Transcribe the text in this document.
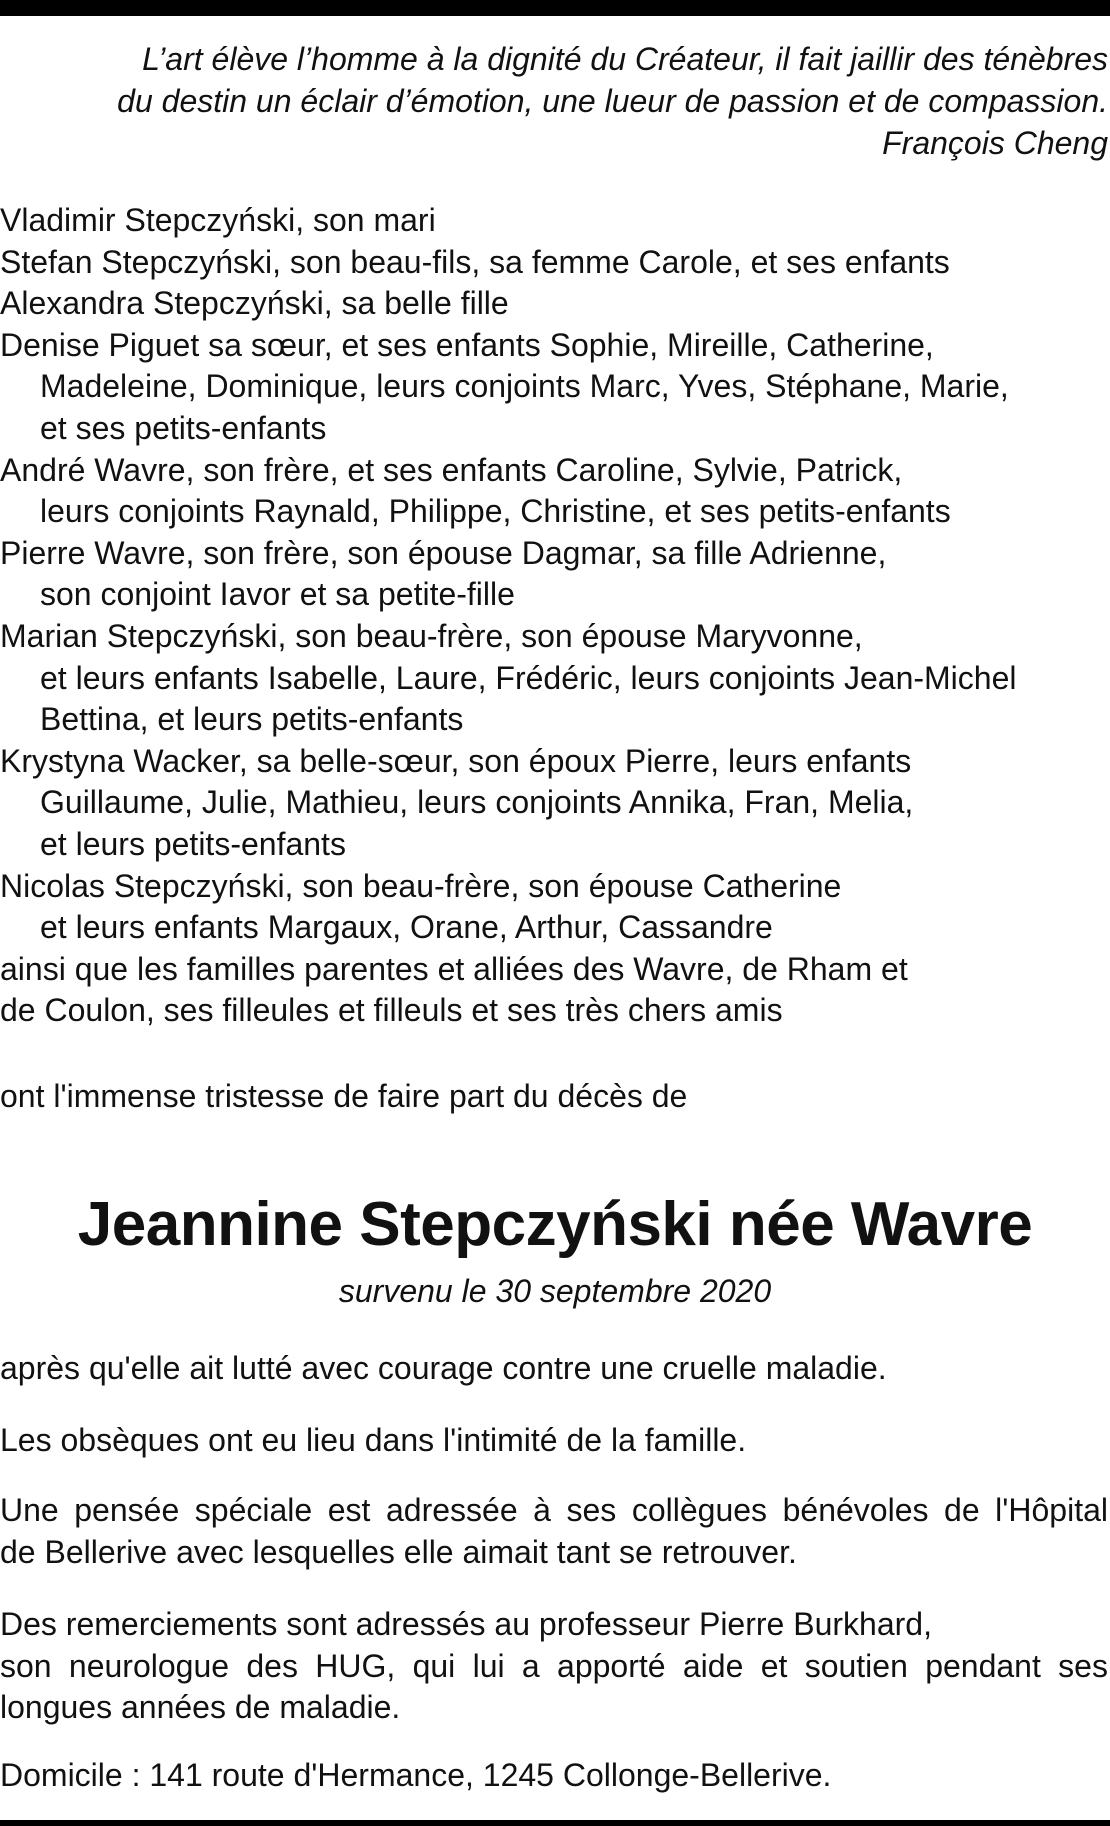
L’art élève l’homme à la dignité du Créateur, il fait jaillir des ténèbres
du destin un éclair d’émotion, une lueur de passion et de compassion.
François Cheng
Vladimir Stepczyński, son mari
Stefan Stepczyński, son beau-fils, sa femme Carole, et ses enfants
Alexandra Stepczyński, sa belle fille
Denise Piguet sa sœur, et ses enfants Sophie, Mireille, Catherine,
Madeleine, Dominique, leurs conjoints Marc, Yves, Stéphane, Marie,
et ses petits-enfants
André Wavre, son frère, et ses enfants Caroline, Sylvie, Patrick,
leurs conjoints Raynald, Philippe, Christine, et ses petits-enfants
Pierre Wavre, son frère, son épouse Dagmar, sa fille Adrienne,
son conjoint Iavor et sa petite-fille
Marian Stepczyński, son beau-frère, son épouse Maryvonne,
et leurs enfants Isabelle, Laure, Frédéric, leurs conjoints Jean-Michel
Bettina, et leurs petits-enfants
Krystyna Wacker, sa belle-sœur, son époux Pierre, leurs enfants
Guillaume, Julie, Mathieu, leurs conjoints Annika, Fran, Melia,
et leurs petits-enfants
Nicolas Stepczyński, son beau-frère, son épouse Catherine
et leurs enfants Margaux, Orane, Arthur, Cassandre
ainsi que les familles parentes et alliées des Wavre, de Rham et
de Coulon, ses filleules et filleuls et ses très chers amis
ont l'immense tristesse de faire part du décès de
Jeannine Stepczyński née Wavre
survenu le 30 septembre 2020
après qu'elle ait lutté avec courage contre une cruelle maladie.
Les obsèques ont eu lieu dans l'intimité de la famille.
Une pensée spéciale est adressée à ses collègues bénévoles de l'Hôpital
de Bellerive avec lesquelles elle aimait tant se retrouver.
Des remerciements sont adressés au professeur Pierre Burkhard,
son neurologue des HUG, qui lui a apporté aide et soutien pendant ses
longues années de maladie.
Domicile : 141 route d'Hermance, 1245 Collonge-Bellerive.
